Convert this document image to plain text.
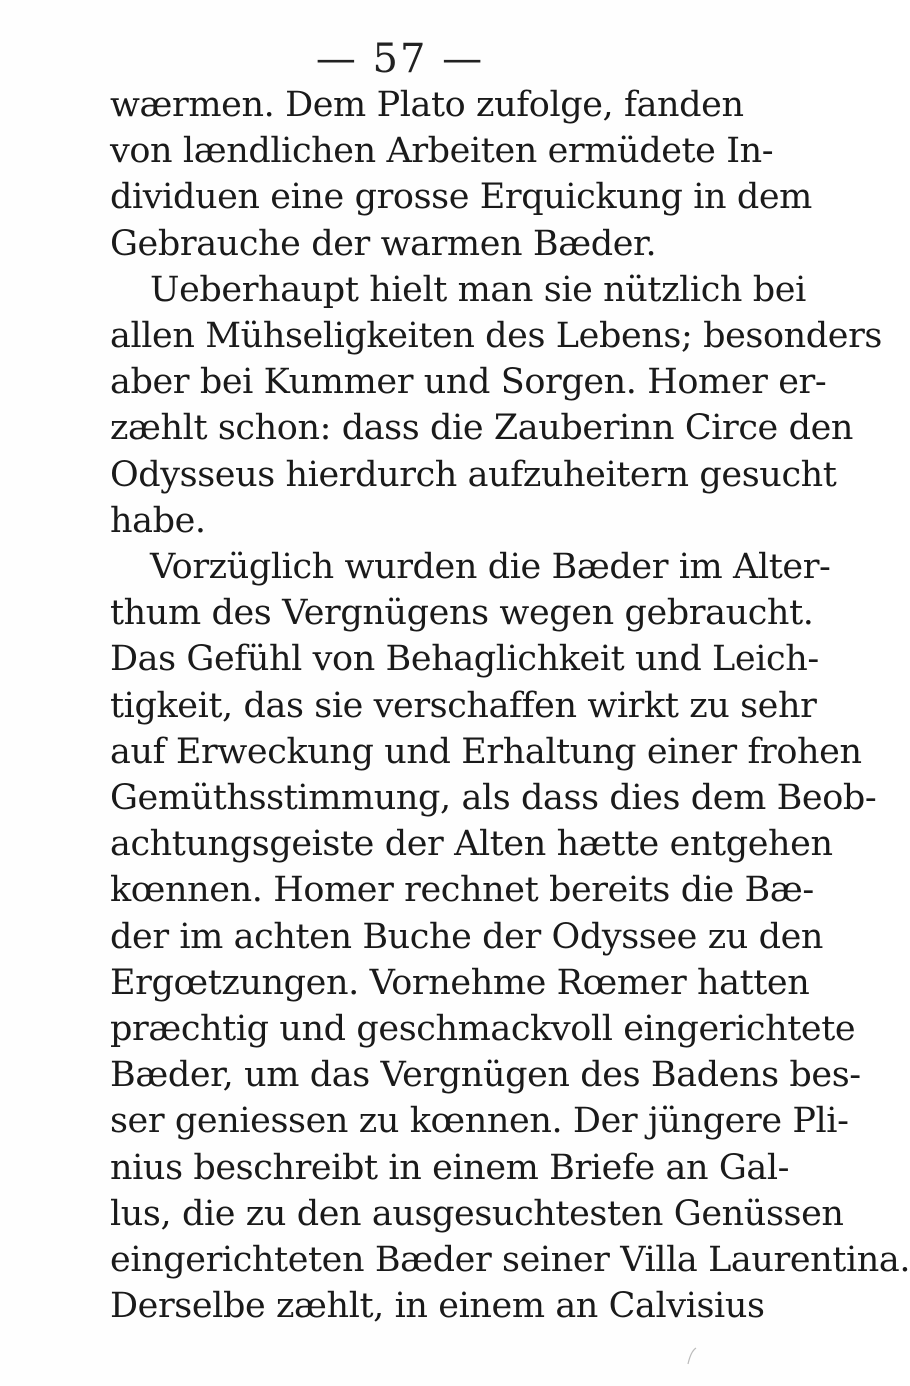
— 57 —
wærmen. Dem Plato zufolge, fanden
von lændlichen Arbeiten ermüdete In-
dividuen eine grosse Erquickung in dem
Gebrauche der warmen Bæder.
Ueberhaupt hielt man sie nützlich bei
allen Mühseligkeiten des Lebens; besonders
aber bei Kummer und Sorgen. Homer er-
zæhlt schon: dass die Zauberinn Circe den
Odysseus hierdurch aufzuheitern gesucht
habe.
Vorzüglich wurden die Bæder im Alter-
thum des Vergnügens wegen gebraucht.
Das Gefühl von Behaglichkeit und Leich-
tigkeit, das sie verschaffen wirkt zu sehr
auf Erweckung und Erhaltung einer frohen
Gemüthsstimmung, als dass dies dem Beob-
achtungsgeiste der Alten hætte entgehen
kœnnen. Homer rechnet bereits die Bæ-
der im achten Buche der Odyssee zu den
Ergœtzungen. Vornehme Rœmer hatten
præchtig und geschmackvoll eingerichtete
Bæder, um das Vergnügen des Badens bes-
ser geniessen zu kœnnen. Der jüngere Pli-
nius beschreibt in einem Briefe an Gal-
lus, die zu den ausgesuchtesten Genüssen
eingerichteten Bæder seiner Villa Laurentina.
Derselbe zæhlt, in einem an Calvisius
